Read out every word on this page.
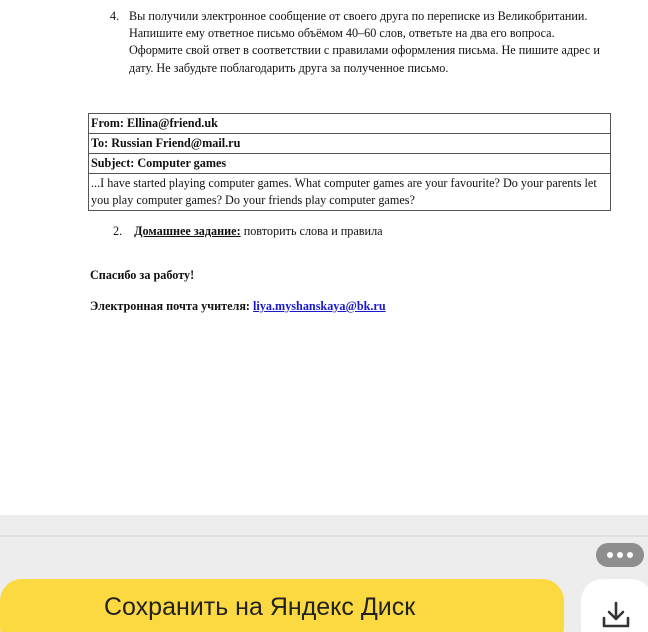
4. Вы получили электронное сообщение от своего друга по переписке из Великобритании. Напишите ему ответное письмо объёмом 40–60 слов, ответьте на два его вопроса. Оформите свой ответ в соответствии с правилами оформления письма. Не пишите адрес и дату. Не забудьте поблагодарить друга за полученное письмо.
From: Ellina@friend.uk
To: Russian Friend@mail.ru
Subject: Computer games
...I have started playing computer games. What computer games are your favourite? Do your parents let you play computer games? Do your friends play computer games?
2. Домашнее задание: повторить слова и правила
Спасибо за работу!
Электронная почта учителя: liya.myshanskaya@bk.ru
Сохранить на Яндекс Диск
